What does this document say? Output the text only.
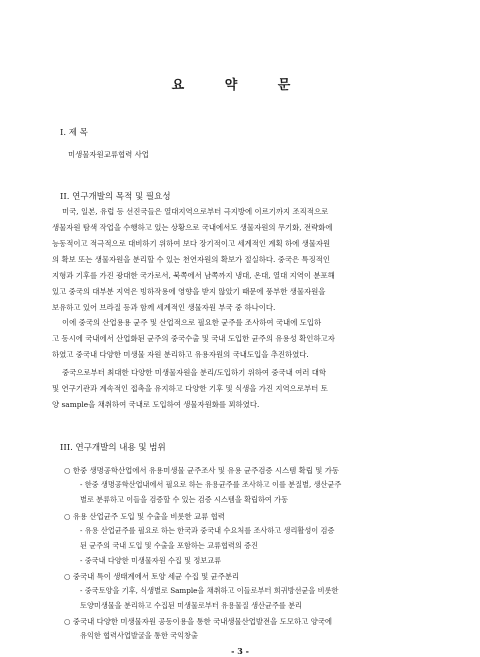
요 약 문
I. 제 목
미생물자원교류협력 사업
II. 연구개발의 목적 및 필요성
미국, 일본, 유럽 등 선진국들은 열대지역으로부터 극지방에 이르기까지 조직적으로
생물자원 탐색 작업을 수행하고 있는 상황으로 국내에서도 생물자원의 무기화, 전략화에
능동적이고 적극적으로 대비하기 위하여 보다 장기적이고 세계적인 계획 하에 생물자원
의 확보 또는 생물자원을 분리할 수 있는 천연자원의 확보가 절실하다. 중국은 특징적인
지형과 기후를 가진 광대한 국가로서, 북쪽에서 남쪽까지 냉대, 온대, 열대 지역이 분포해
있고 중국의 대부분 지역은 빙하작용에 영향을 받지 않았기 때문에 풍부한 생물자원을
보유하고 있어 브라질 등과 함께 세계적인 생물자원 부국 중 하나이다.
이에 중국의 산업용용 균주 및 산업적으로 필요한 균주를 조사하여 국내에 도입하
고 동시에 국내에서 산업화된 균주의 중국수출 및 국내 도입한 균주의 유용성 확인하고자
하였고 중국내 다양한 미생물 자원 분리하고 유용자원의 국내도입을 추진하였다.
중국으로부터 최대한 다양한 미생물자원을 분리/도입하기 위하여 중국내 여러 대학
및 연구기관과 계속적인 접촉을 유지하고 다양한 기후 및 식생을 가진 지역으로부터 토
양 sample을 채취하여 국내로 도입하여 생물자원화를 꾀하였다.
III. 연구개발의 내용 및 범위
○ 한중 생명공학산업에서 유용미생물 균주조사 및 유용 균주검증 시스템 확립 및 가동
- 한중 생명공학산업내에서 필요로 하는 유용균주를 조사하고 이를 분질별, 생산균주
별로 분류하고 이들을 검증할 수 있는 검증 시스템을 확립하여 가동
○ 유용 산업균주 도입 및 수출을 비롯한 교류 협력
- 유용 산업균주를 필요로 하는 한국과 중국내 수요처를 조사하고 생리활성이 검증
된 균주의 국내 도입 및 수출을 포함하는 교류협력의 증진
- 중국내 다양한 미생물자원 수집 및 정보교류
○ 중국내 특이 생태계에서 토양 세균 수집 및 균주분리
- 중국토양을 기후, 식생별로 Sample을 채취하고 이들로부터 희귀방선균을 비롯한
토양미생물을 분리하고 수집된 미생물로부터 유용물질 생산균주를 분리
○ 중국내 다양한 미생물자원 공동이용을 통한 국내생물산업발전을 도모하고 양국에
유익한 협력사업발굴을 통한 국익창출
- 3 -
